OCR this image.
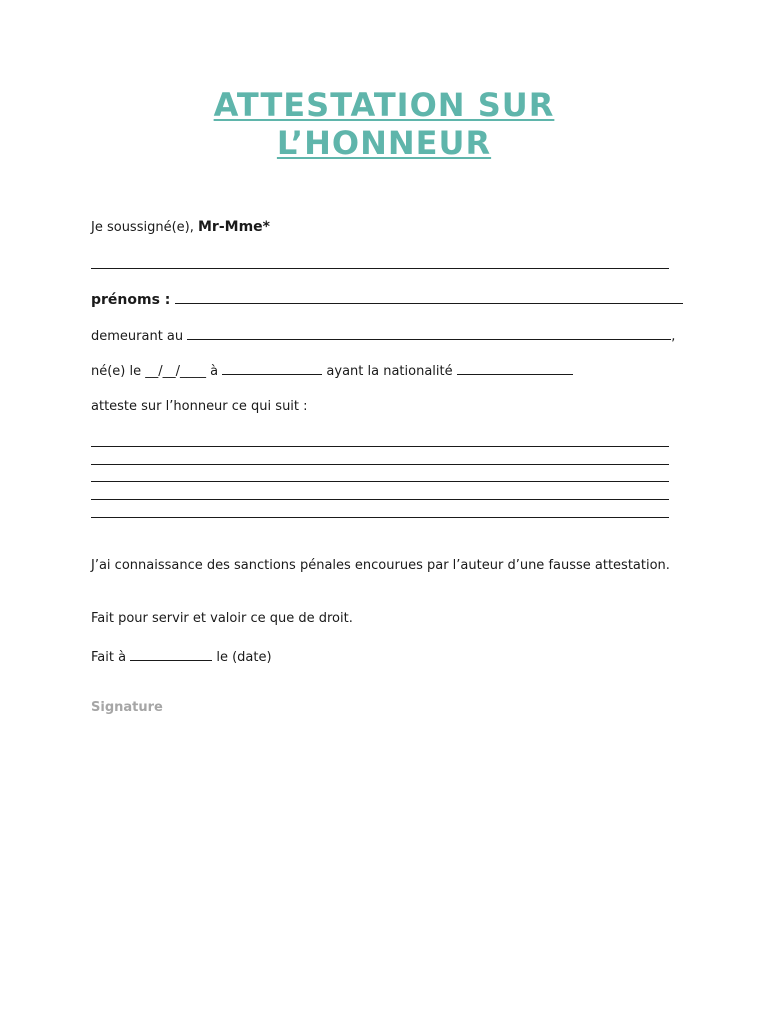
ATTESTATION SUR
L’HONNEUR
Je soussigné(e), Mr-Mme*
prénoms :
demeurant au	,
né(e) le __/__/____ à	ayant la nationalité
atteste sur l’honneur ce qui suit :
J’ai connaissance des sanctions pénales encourues par l’auteur d’une fausse attestation.
Fait pour servir et valoir ce que de droit.
Fait à	le (date)
Signature
